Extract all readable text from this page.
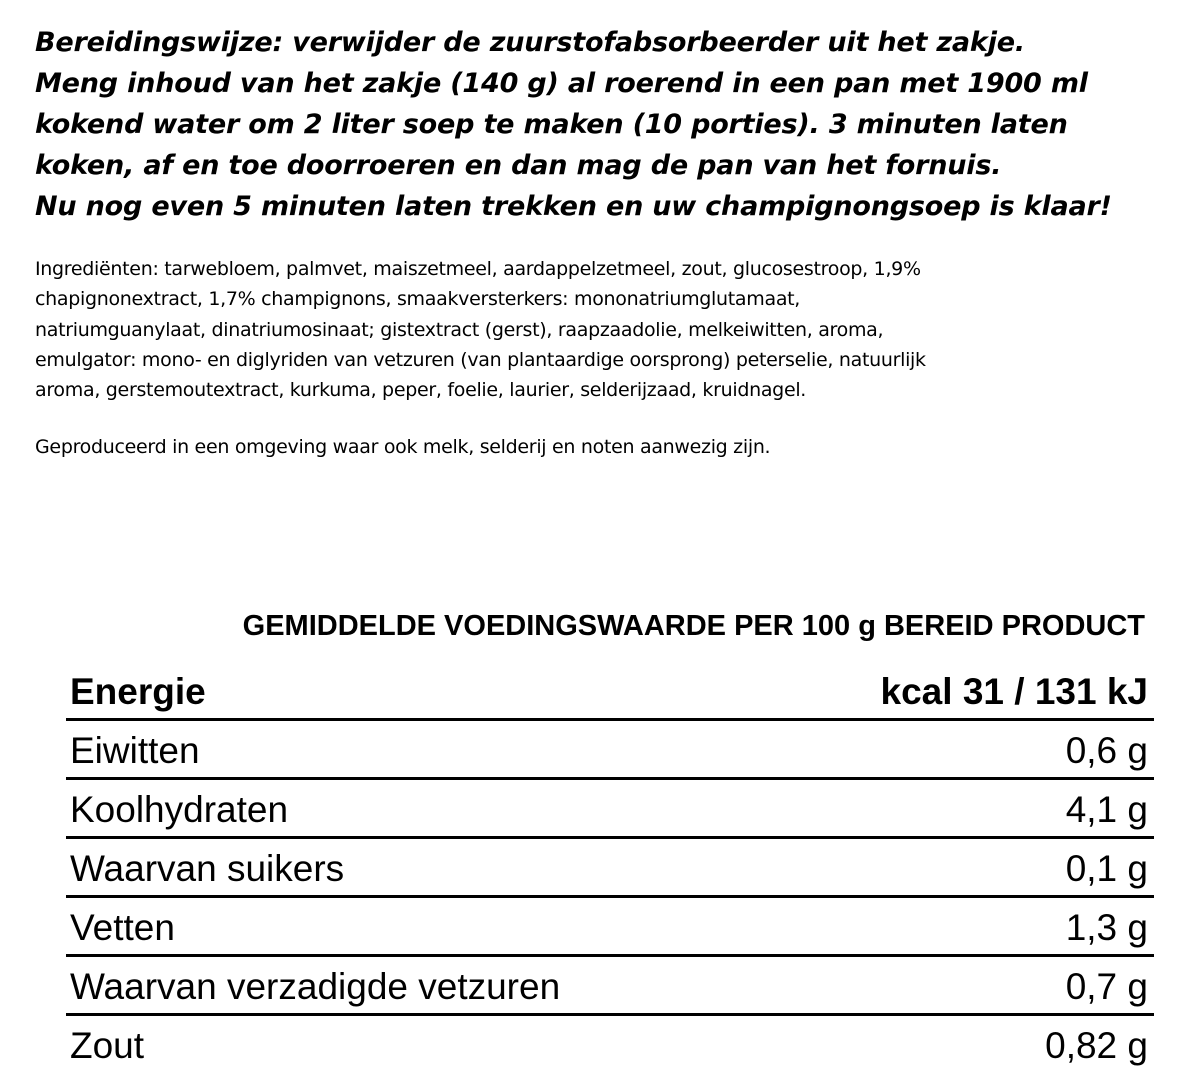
Bereidingswijze: verwijder de zuurstofabsorbeerder uit het zakje.
Meng inhoud van het zakje (140 g) al roerend in een pan met 1900 ml
kokend water om 2 liter soep te maken (10 porties). 3 minuten laten
koken, af en toe doorroeren en dan mag de pan van het fornuis.
Nu nog even 5 minuten laten trekken en uw champignongsoep is klaar!
Ingrediënten: tarwebloem, palmvet, maiszetmeel, aardappelzetmeel, zout, glucosestroop, 1,9%
chapignonextract, 1,7% champignons, smaakversterkers: mononatriumglutamaat,
natriumguanylaat, dinatriumosinaat; gistextract (gerst), raapzaadolie, melkeiwitten, aroma,
emulgator: mono- en diglyriden van vetzuren (van plantaardige oorsprong) peterselie, natuurlijk
aroma, gerstemoutextract, kurkuma, peper, foelie, laurier, selderijzaad, kruidnagel.
Geproduceerd in een omgeving waar ook melk, selderij en noten aanwezig zijn.
GEMIDDELDE VOEDINGSWAARDE PER 100 g BEREID PRODUCT
Energie	kcal 31 / 131 kJ
Eiwitten	0,6 g
Koolhydraten	4,1 g
Waarvan suikers	0,1 g
Vetten	1,3 g
Waarvan verzadigde vetzuren	0,7 g
Zout	0,82 g
